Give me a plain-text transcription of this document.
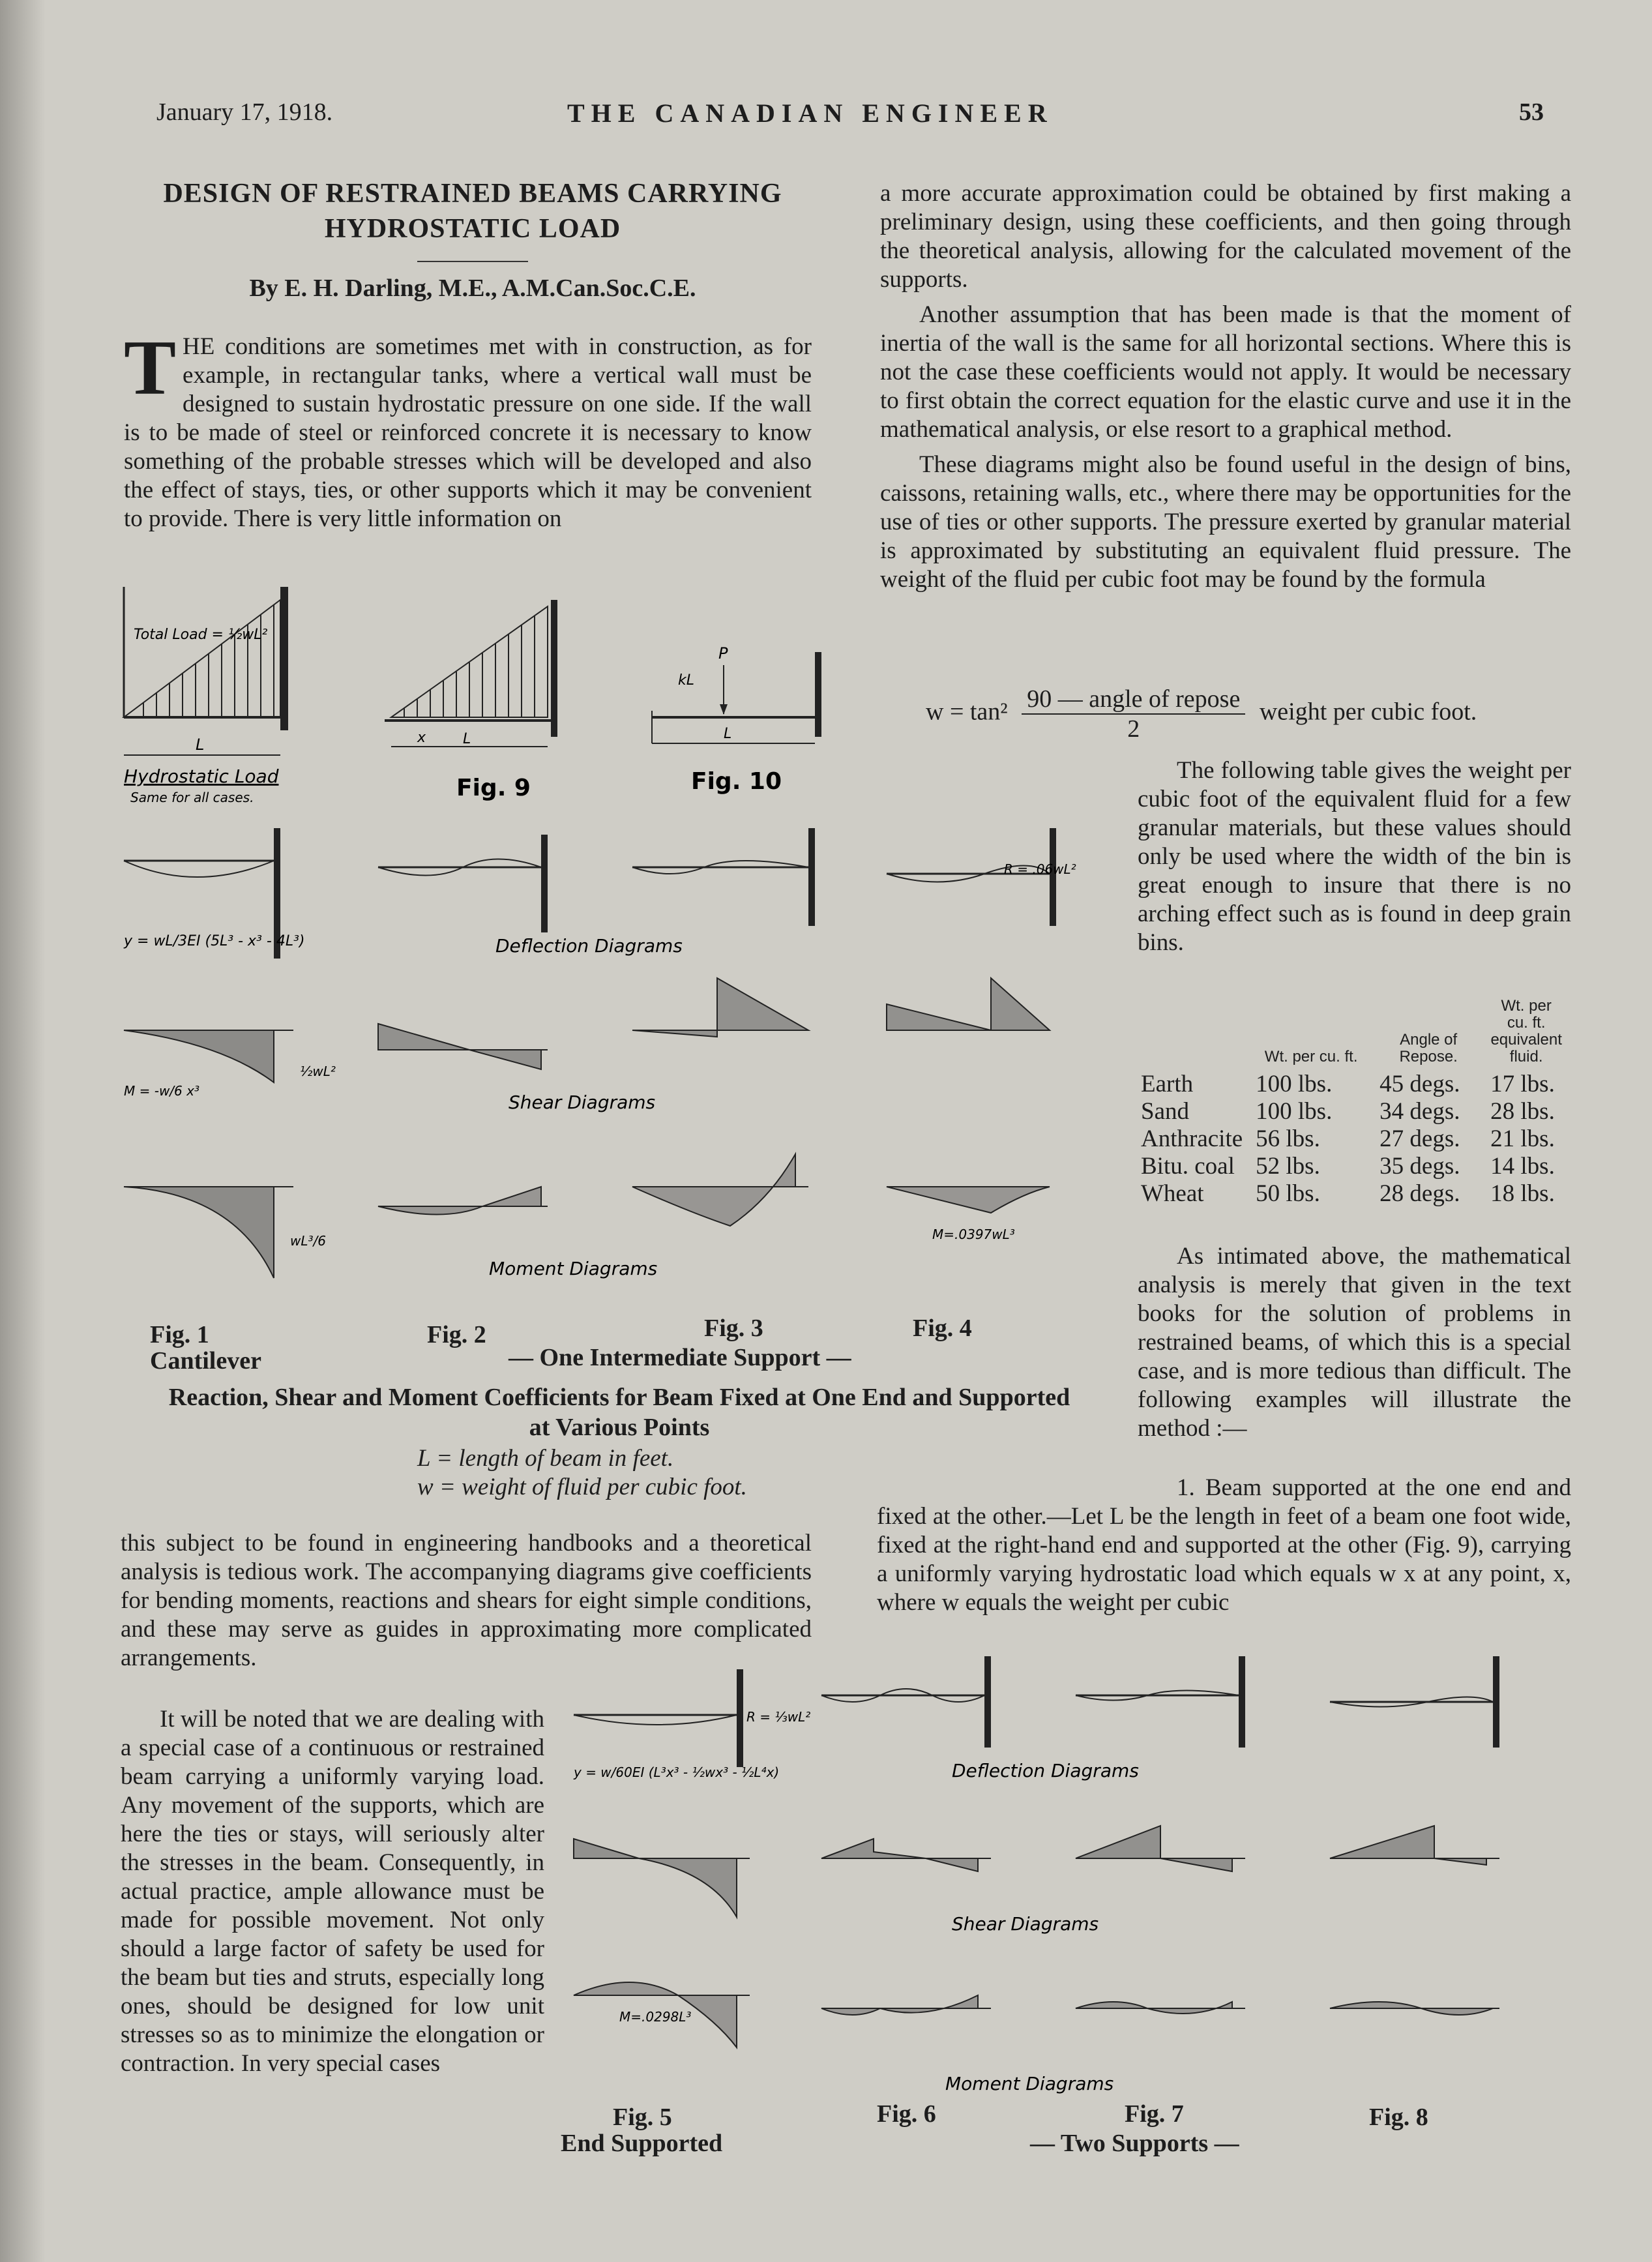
January 17, 1918.	THE CANADIAN ENGINEER	53
DESIGN OF RESTRAINED BEAMS CARRYING
HYDROSTATIC LOAD
By E. H. Darling, M.E., A.M.Can.Soc.C.E.
T HE conditions are sometimes met with in construction, as for example, in rectangular tanks, where a vertical wall must be designed to sustain hydrostatic pressure on one side. If the wall is to be made of steel or reinforced concrete it is necessary to know something of the probable stresses which will be developed and also the effect of stays, ties, or other supports which it may be convenient to provide. There is very little information on

a more accurate approximation could be obtained by first making a preliminary design, using these coefficients, and then going through the theoretical analysis, allowing for the calculated movement of the supports.

Another assumption that has been made is that the moment of inertia of the wall is the same for all horizontal sections. Where this is not the case these coefficients would not apply. It would be necessary to first obtain the correct equation for the elastic curve and use it in the mathematical analysis, or else resort to a graphical method.

These diagrams might also be found useful in the design of bins, caissons, retaining walls, etc., where there may be opportunities for the use of ties or other supports. The pressure exerted by granular material is approximated by substituting an equivalent fluid pressure. The weight of the fluid per cubic foot may be found by the formula

$w = \tan^2 \frac{\text{90 — angle of repose}}{2}$ weight per cubic foot.

The following table gives the weight per cubic foot of the equivalent fluid for a few granular materials, but these values should only be used where the width of the bin is great enough to insure that there is no arching effect such as is found in deep grain bins.

	Wt. per cu. ft.	Angle of Repose.	Wt. per cu. ft. equivalent fluid.
Earth	100 lbs.	45 degs.	17 lbs.
Sand	100 lbs.	34 degs.	28 lbs.
Anthracite	56 lbs.	27 degs.	21 lbs.
Bitu. coal	52 lbs.	35 degs.	14 lbs.
Wheat	50 lbs.	28 degs.	18 lbs.

As intimated above, the mathematical analysis is merely that given in the text books for the solution of problems in restrained beams, of which this is a special case, and is more tedious than difficult. The following examples will illustrate the method :—

1. Beam supported at the one end and fixed at the other.—Let L be the length in feet of a beam one foot wide, fixed at the right-hand end and supported at the other (Fig. 9), carrying a uniformly varying hydrostatic load which equals w x at any point, x, where w equals the weight per cubic

this subject to be found in engineering handbooks and a theoretical analysis is tedious work. The accompanying diagrams give coefficients for bending moments, reactions and shears for eight simple conditions, and these may serve as guides in approximating more complicated arrangements.

It will be noted that we are dealing with a special case of a continuous or restrained beam carrying a uniformly varying load. Any movement of the supports, which are here the ties or stays, will seriously alter the stresses in the beam. Consequently, in actual practice, ample allowance must be made for possible movement. Not only should a large factor of safety be used for the beam but ties and struts, especially long ones, should be designed for low unit stresses so as to minimize the elongation or contraction. In very special cases

L
Total Load = ½wL²
Hydrostatic Load
Same for all cases.
L
x
Fig. 9
P
kL
L
Fig. 10
y = wL/3EI (5L³ - x³ - 4L³)
R = .06wL²
Deflection Diagrams
½wL²
M = -w/6 x³
Shear Diagrams
wL³/6	M=.0397wL³
Moment Diagrams
Fig. 1
Cantilever
Fig. 2	Fig. 3	Fig. 4
— One Intermediate Support —
Reaction, Shear and Moment Coefficients for Beam Fixed at One End and Supported at Various Points
L = length of beam in feet.
w = weight of fluid per cubic foot.
y = w/60EI (L³x³ - ½wx³ - ½L⁴x)
R = ⅓wL²
M=.0298L³
Deflection Diagrams
Shear Diagrams
Moment Diagrams
Fig. 5
End Supported
Fig. 6	Fig. 7	Fig. 8
— Two Supports —
